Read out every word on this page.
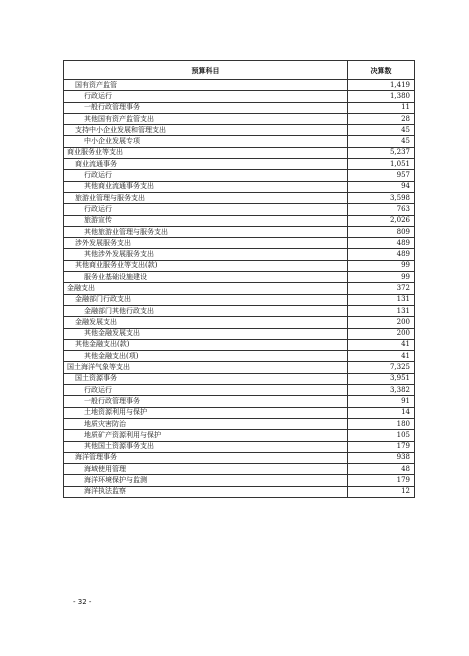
预算科目	决算数
国有资产监管	1,419
行政运行	1,380
一般行政管理事务	11
其他国有资产监管支出	28
支持中小企业发展和管理支出	45
中小企业发展专项	45
商业服务业等支出	5,237
商业流通事务	1,051
行政运行	957
其他商业流通事务支出	94
旅游业管理与服务支出	3,598
行政运行	763
旅游宣传	2,026
其他旅游业管理与服务支出	809
涉外发展服务支出	489
其他涉外发展服务支出	489
其他商业服务业等支出(款)	99
服务业基础设施建设	99
金融支出	372
金融部门行政支出	131
金融部门其他行政支出	131
金融发展支出	200
其他金融发展支出	200
其他金融支出(款)	41
其他金融支出(项)	41
国土海洋气象等支出	7,325
国土资源事务	3,951
行政运行	3,382
一般行政管理事务	91
土地资源利用与保护	14
地质灾害防治	180
地质矿产资源利用与保护	105
其他国土资源事务支出	179
海洋管理事务	938
海域使用管理	48
海洋环境保护与监测	179
海洋执法监察	12
- 32 -
